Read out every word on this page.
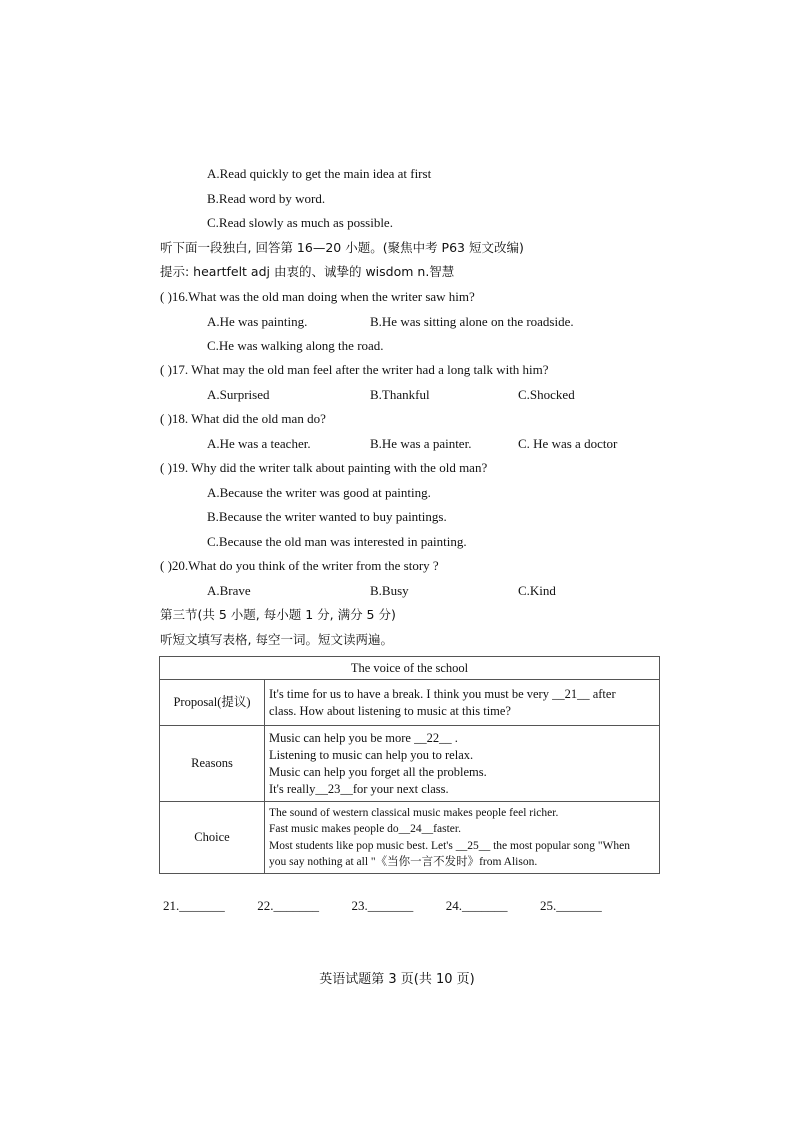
A.Read quickly to get the main idea at first
B.Read word by word.
C.Read slowly as much as possible.
听下面一段独白, 回答第 16—20 小题。(聚焦中考 P63 短文改编)
提示: heartfelt adj 由衷的、诚挚的 wisdom n.智慧
( )16.What was the old man doing when the writer saw him?
A.He was painting.	B.He was sitting alone on the roadside.
C.He was walking along the road.
( )17. What may the old man feel after the writer had a long talk with him?
A.Surprised	B.Thankful	C.Shocked
( )18. What did the old man do?
A.He was a teacher.	B.He was a painter.	C. He was a doctor
( )19. Why did the writer talk about painting with the old man?
A.Because the writer was good at painting.
B.Because the writer wanted to buy paintings.
C.Because the old man was interested in painting.
( )20.What do you think of the writer from the story ?
A.Brave	B.Busy	C.Kind
第三节(共 5 小题, 每小题 1 分, 满分 5 分)
听短文填写表格, 每空一词。短文读两遍。
The voice of the school	
Proposal(提议)	It's time for us to have a break. I think you must be very __21__ after
class. How about listening to music at this time?

Reasons	Music can help you be more __22__ .
Listening to music can help you to relax.
Music can help you forget all the problems.
It's really__23__for your next class.

Choice	The sound of western classical music makes people feel richer.
Fast music makes people do__24__faster.
Most students like pop music best. Let's __25__ the most popular song "When
you say nothing at all "《当你一言不发时》from Alison.
21._______	22._______	23._______	24._______	25._______
英语试题第 3 页(共 10 页)
